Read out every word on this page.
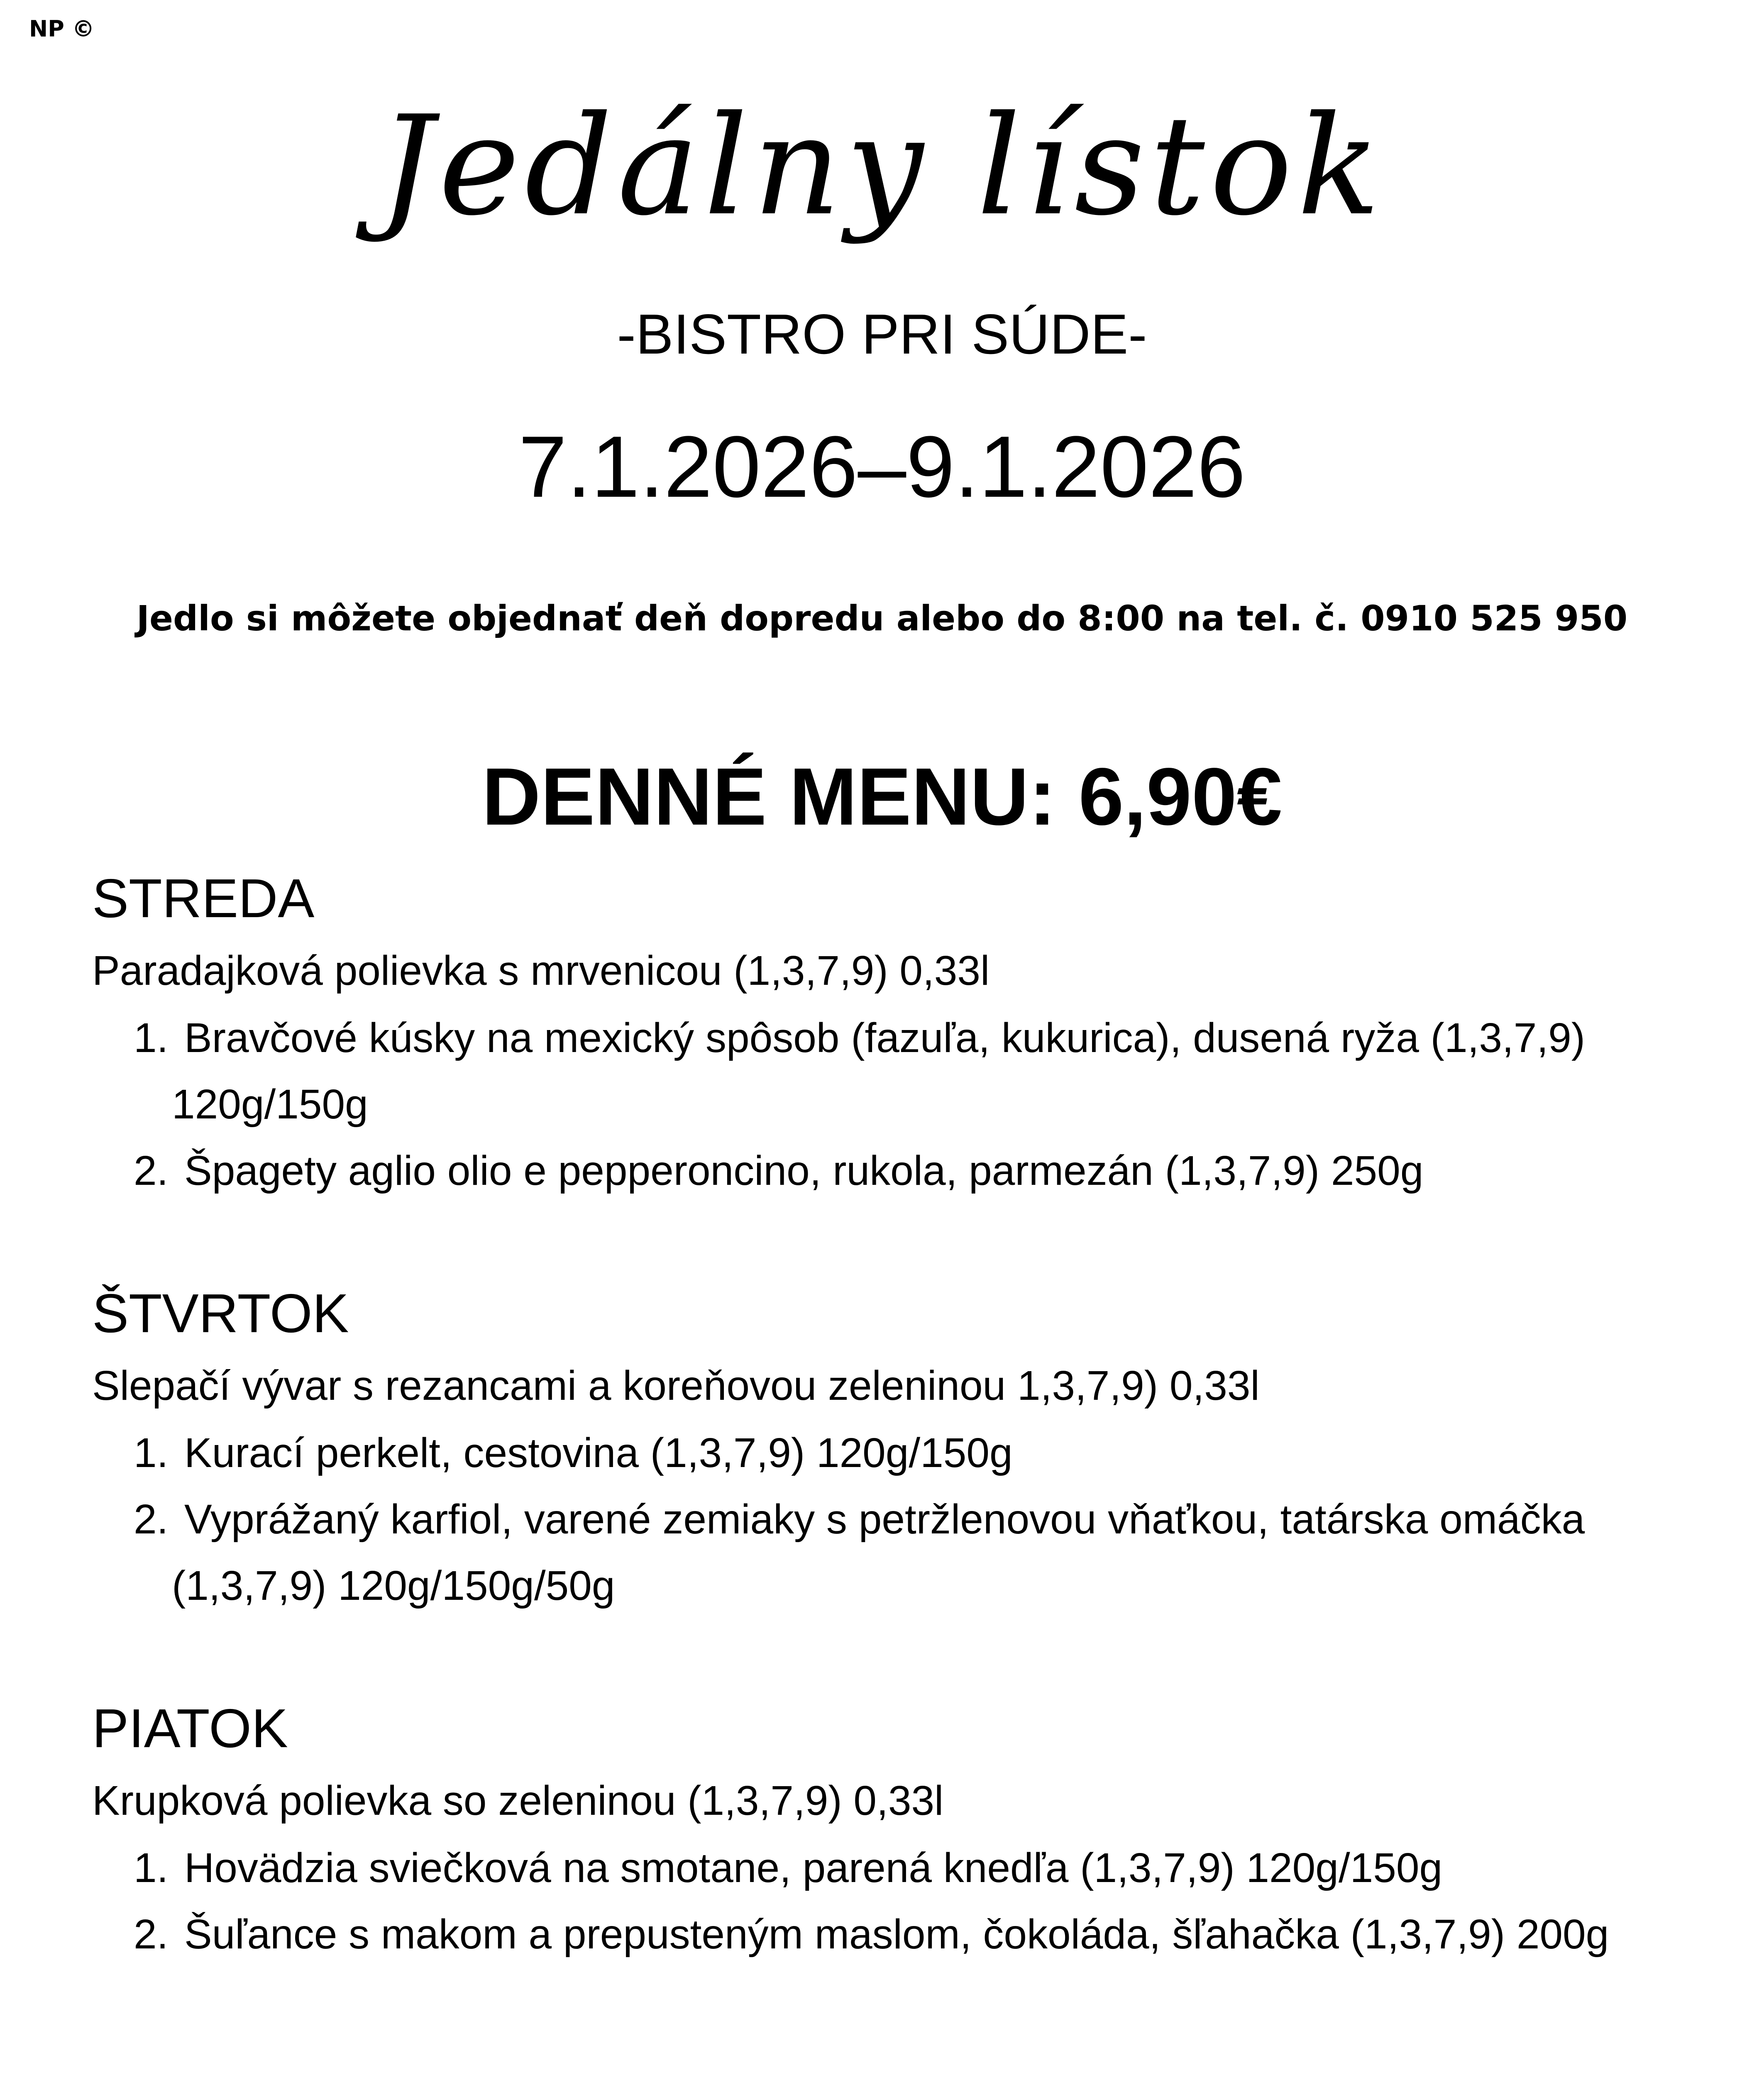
NP ©
Jedálny lístok
-BISTRO PRI SÚDE-
7.1.2026–9.1.2026
Jedlo si môžete objednať deň dopredu alebo do 8:00 na tel. č. 0910 525 950
DENNÉ MENU: 6,90€
STREDA

Paradajková polievka s mrvenicou (1,3,7,9) 0,33l

1. Bravčové kúsky na mexický spôsob (fazuľa, kukurica), dusená ryža (1,3,7,9)
120g/150g
2. Špagety aglio olio e pepperoncino, rukola, parmezán (1,3,7,9) 250g
ŠTVRTOK

Slepačí vývar s rezancami a koreňovou zeleninou 1,3,7,9) 0,33l

1. Kurací perkelt, cestovina (1,3,7,9) 120g/150g
2. Vyprážaný karfiol, varené zemiaky s petržlenovou vňaťkou, tatárska omáčka
(1,3,7,9) 120g/150g/50g
PIATOK

Krupková polievka so zeleninou (1,3,7,9) 0,33l

1. Hovädzia sviečková na smotane, parená knedľa (1,3,7,9) 120g/150g
2. Šuľance s makom a prepusteným maslom, čokoláda, šľahačka (1,3,7,9) 200g
